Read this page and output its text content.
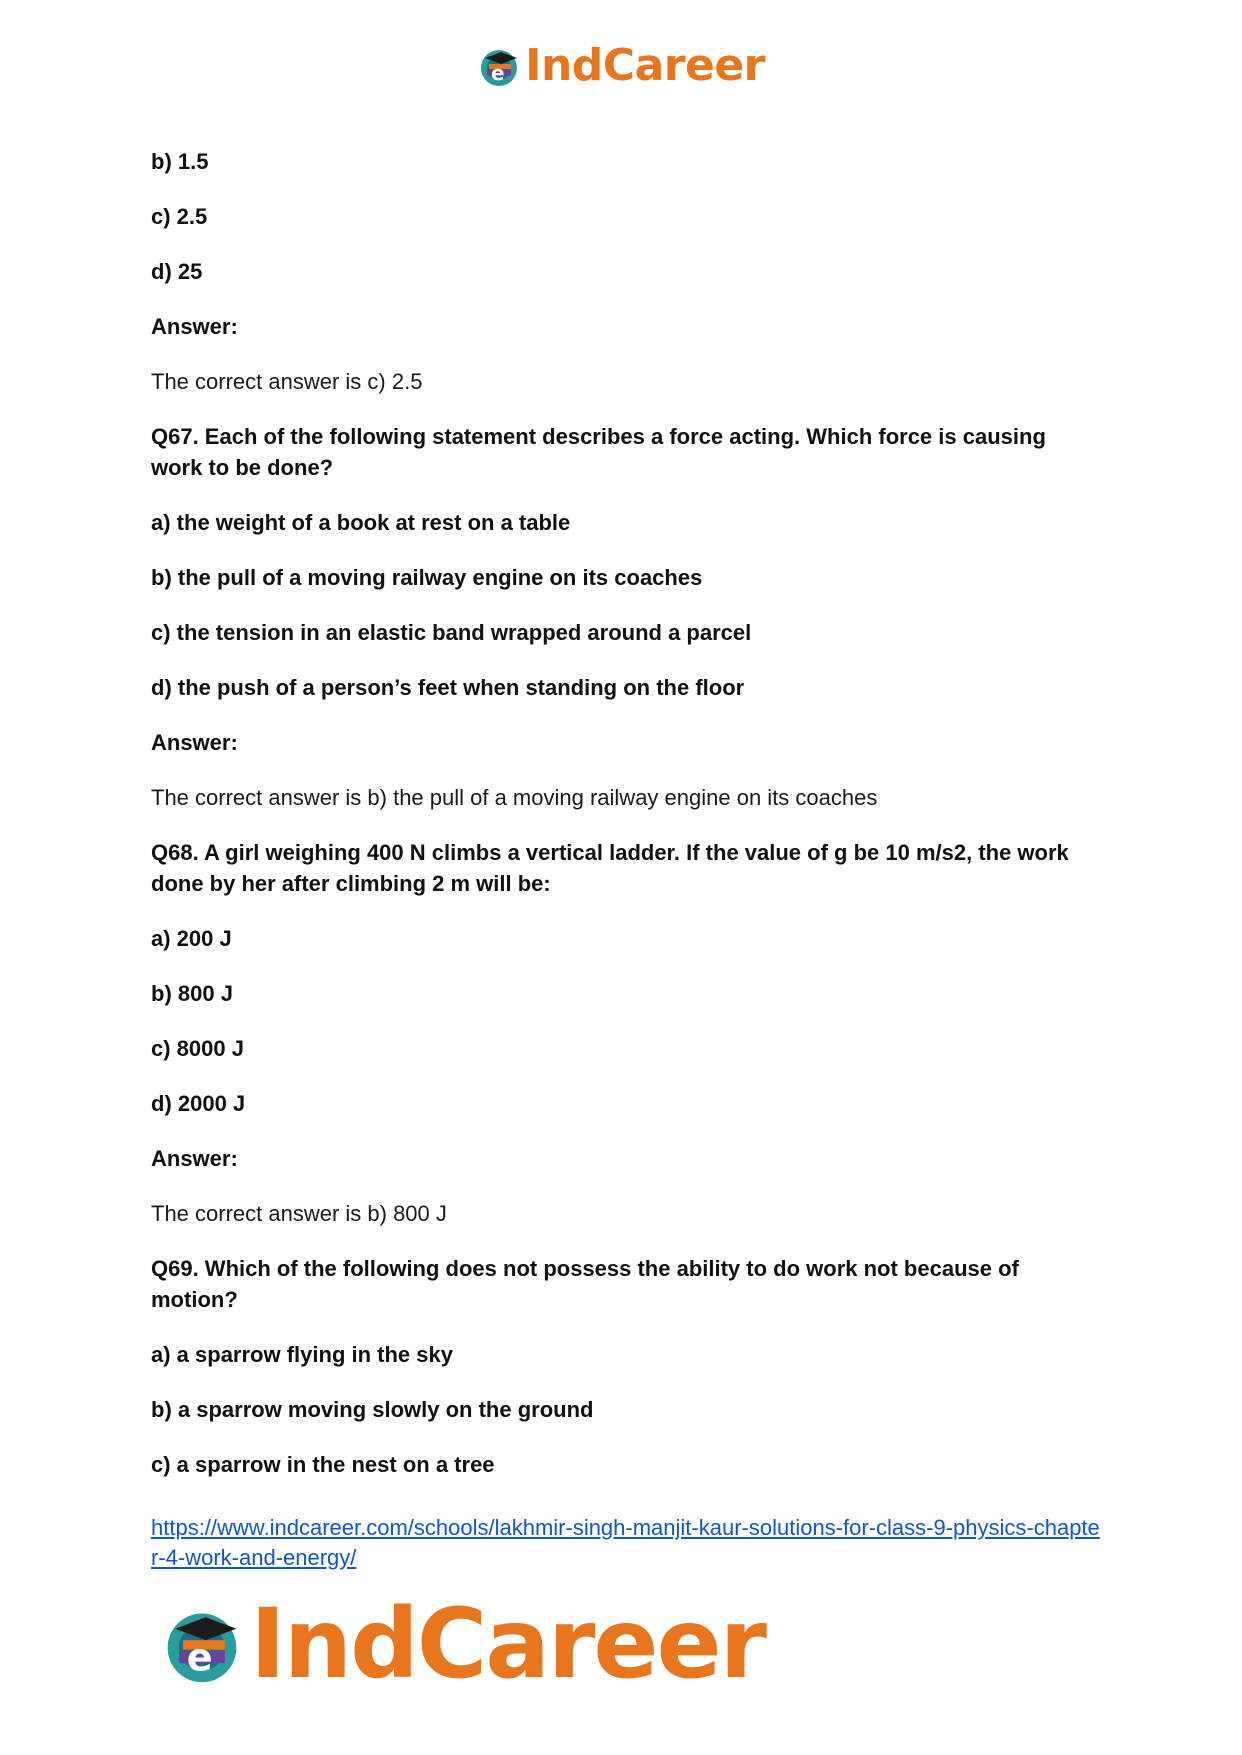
e IndCareer

b) 1.5

c) 2.5

d) 25

Answer:

The correct answer is c) 2.5

Q67. Each of the following statement describes a force acting. Which force is causing work to be done?

a) the weight of a book at rest on a table

b) the pull of a moving railway engine on its coaches

c) the tension in an elastic band wrapped around a parcel

d) the push of a person’s feet when standing on the floor

Answer:

The correct answer is b) the pull of a moving railway engine on its coaches

Q68. A girl weighing 400 N climbs a vertical ladder. If the value of g be 10 m/s2, the work done by her after climbing 2 m will be:

a) 200 J

b) 800 J

c) 8000 J

d) 2000 J

Answer:

The correct answer is b) 800 J

Q69. Which of the following does not possess the ability to do work not because of motion?

a) a sparrow flying in the sky

b) a sparrow moving slowly on the ground

c) a sparrow in the nest on a tree

https://www.indcareer.com/schools/lakhmir-singh-manjit-kaur-solutions-for-class-9-physics-chapter-4-work-and-energy/
e IndCareer
